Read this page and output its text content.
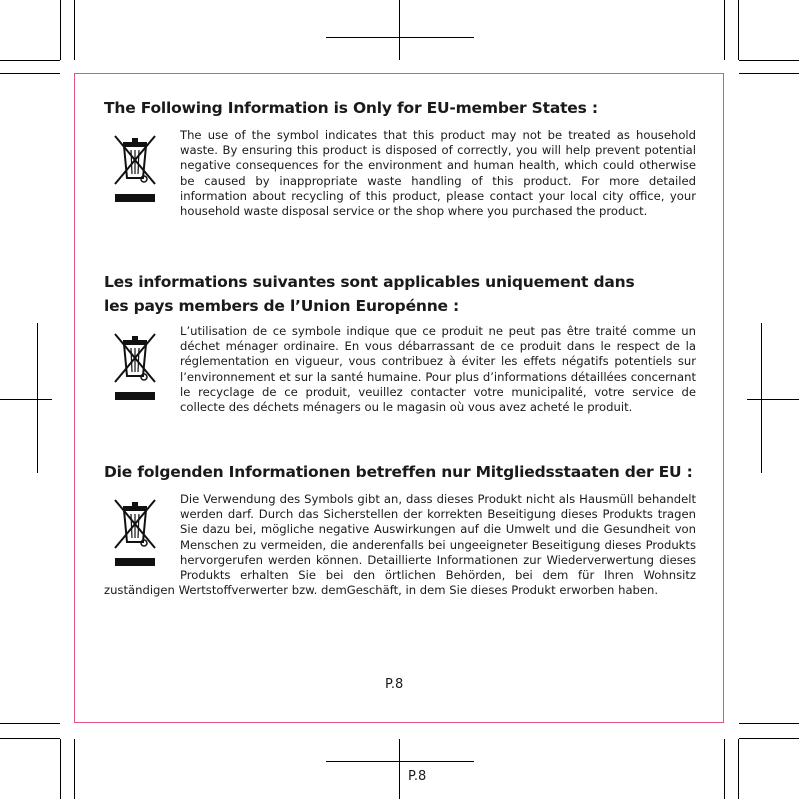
The Following Information is Only for EU-member States :

The use of the symbol indicates that this product may not be treated as household waste. By ensuring this product is disposed of correctly, you will help prevent potential negative consequences for the environment and human health, which could otherwise be caused by inappropriate waste handling of this product. For more detailed information about recycling of this product, please contact your local city office, your household waste disposal service or the shop where you purchased the product.

Les informations suivantes sont applicables uniquement dans les pays members de l’Union Europénne :

L’utilisation de ce symbole indique que ce produit ne peut pas être traité comme un déchet ménager ordinaire. En vous débarrassant de ce produit dans le respect de la réglementation en vigueur, vous contribuez à éviter les effets négatifs potentiels sur l’environnement et sur la santé humaine. Pour plus d’informations détaillées concernant le recyclage de ce produit, veuillez contacter votre municipalité, votre service de collecte des déchets ménagers ou le magasin où vous avez acheté le produit.

Die folgenden Informationen betreffen nur Mitgliedsstaaten der EU :

Die Verwendung des Symbols gibt an, dass dieses Produkt nicht als Hausmüll behandelt werden darf. Durch das Sicherstellen der korrekten Beseitigung dieses Produkts tragen Sie dazu bei, mögliche negative Auswirkungen auf die Umwelt und die Gesundheit von Menschen zu vermeiden, die anderenfalls bei ungeeigneter Beseitigung dieses Produkts hervorgerufen werden können. Detaillierte Informationen zur Wiederverwertung dieses Produkts erhalten Sie bei den örtlichen Behörden, bei dem für Ihren Wohnsitz zuständigen Wertstoffverwerter bzw. demGeschäft, in dem Sie dieses Produkt erworben haben.

P.8
P.8
